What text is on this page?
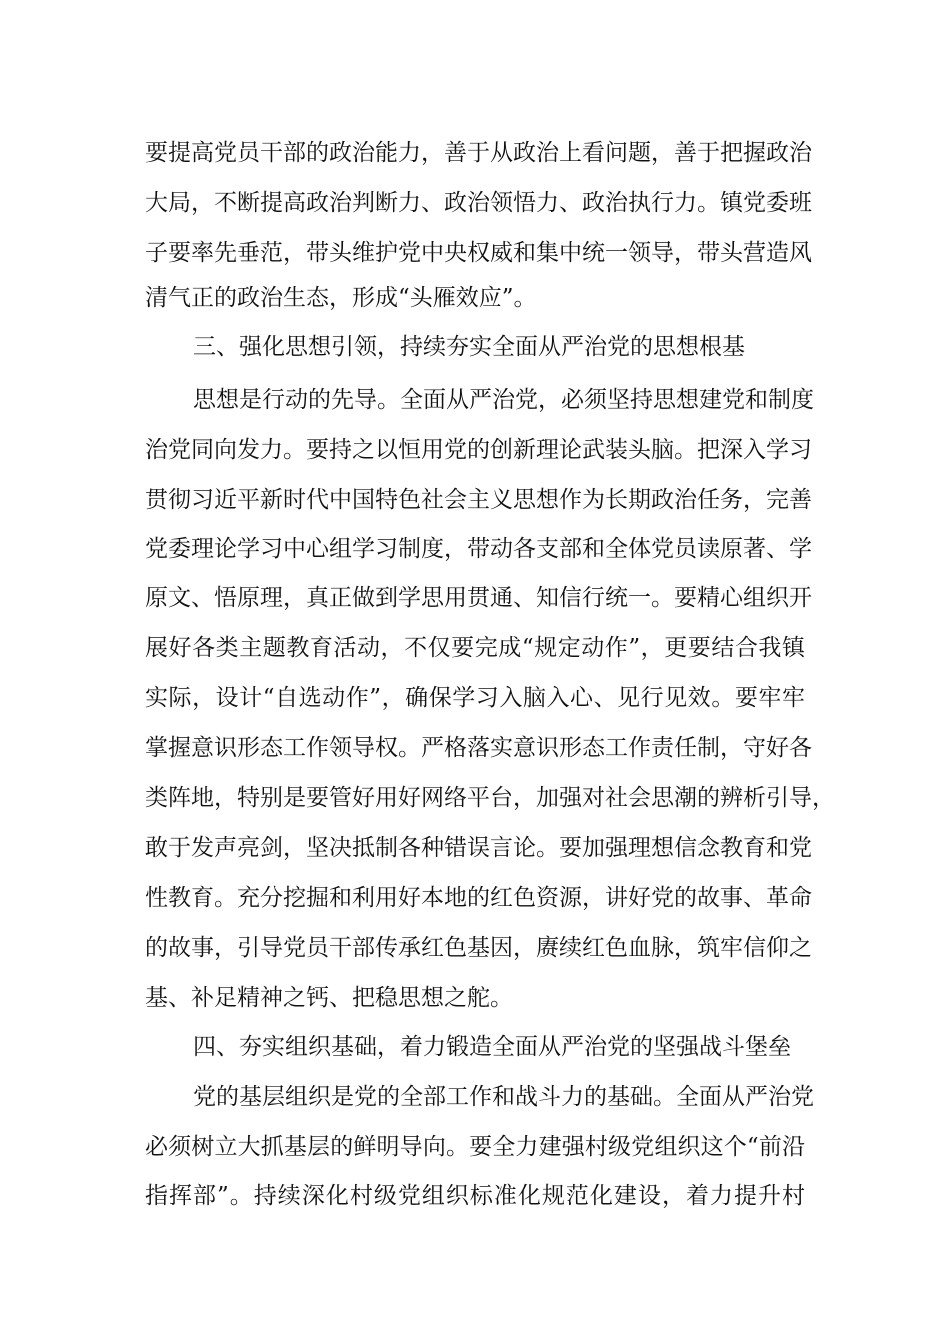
要提高党员干部的政治能力，善于从政治上看问题，善于把握政治
大局，不断提高政治判断力、政治领悟力、政治执行力。镇党委班
子要率先垂范，带头维护党中央权威和集中统一领导，带头营造风
清气正的政治生态，形成“头雁效应”。
三、强化思想引领，持续夯实全面从严治党的思想根基
思想是行动的先导。全面从严治党，必须坚持思想建党和制度
治党同向发力。要持之以恒用党的创新理论武装头脑。把深入学习
贯彻习近平新时代中国特色社会主义思想作为长期政治任务，完善
党委理论学习中心组学习制度，带动各支部和全体党员读原著、学
原文、悟原理，真正做到学思用贯通、知信行统一。要精心组织开
展好各类主题教育活动，不仅要完成“规定动作”，更要结合我镇
实际，设计“自选动作”，确保学习入脑入心、见行见效。要牢牢
掌握意识形态工作领导权。严格落实意识形态工作责任制，守好各
类阵地，特别是要管好用好网络平台，加强对社会思潮的辨析引导，
敢于发声亮剑，坚决抵制各种错误言论。要加强理想信念教育和党
性教育。充分挖掘和利用好本地的红色资源，讲好党的故事、革命
的故事，引导党员干部传承红色基因，赓续红色血脉，筑牢信仰之
基、补足精神之钙、把稳思想之舵。
四、夯实组织基础，着力锻造全面从严治党的坚强战斗堡垒
党的基层组织是党的全部工作和战斗力的基础。全面从严治党
必须树立大抓基层的鲜明导向。要全力建强村级党组织这个“前沿
指挥部”。持续深化村级党组织标准化规范化建设，着力提升村
